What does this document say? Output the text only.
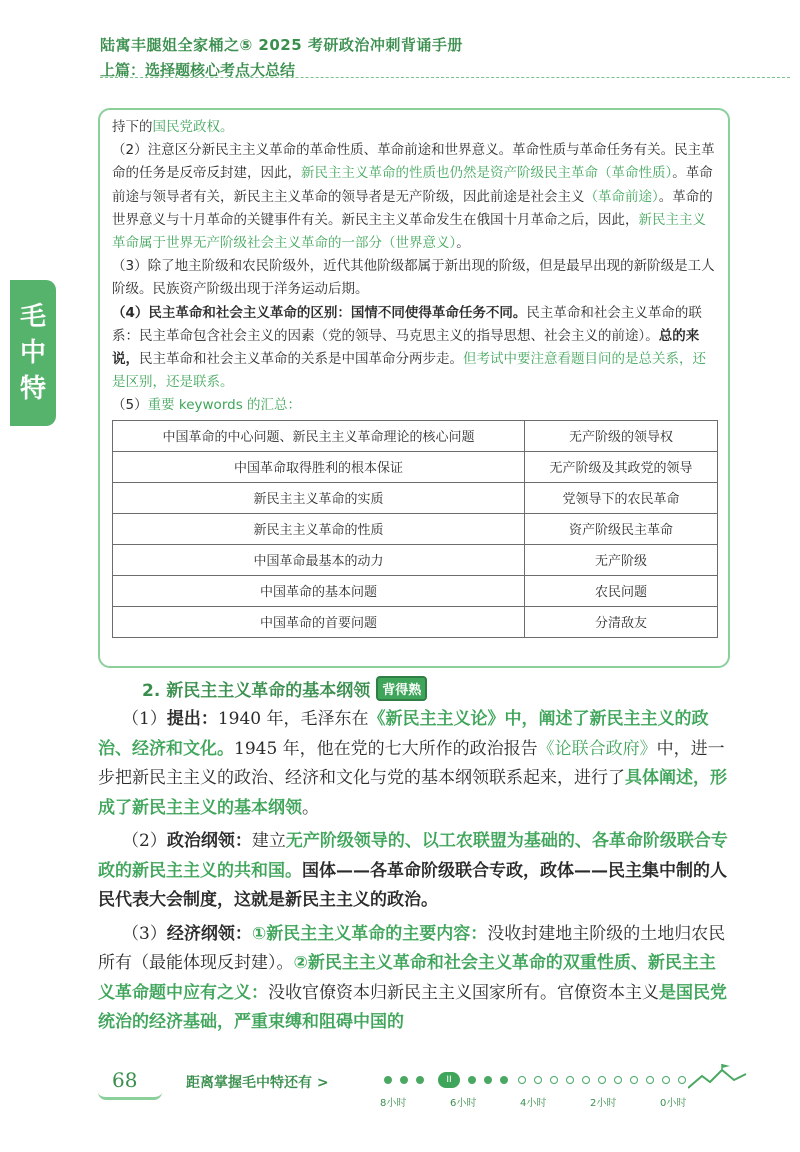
陆寓丰腿姐全家桶之⑤ 2025 考研政治冲刺背诵手册
上篇：选择题核心考点大总结
毛
中
特

持下的国民党政权。

（2）注意区分新民主主义革命的革命性质、革命前途和世界意义。革命性质与革命任务有关。民主革命的任务是反帝反封建，因此，新民主主义革命的性质也仍然是资产阶级民主革命（革命性质）。革命前途与领导者有关，新民主主义革命的领导者是无产阶级，因此前途是社会主义（革命前途）。革命的世界意义与十月革命的关键事件有关。新民主主义革命发生在俄国十月革命之后，因此，新民主主义革命属于世界无产阶级社会主义革命的一部分（世界意义）。

（3）除了地主阶级和农民阶级外，近代其他阶级都属于新出现的阶级，但是最早出现的新阶级是工人阶级。民族资产阶级出现于洋务运动后期。

（4）民主革命和社会主义革命的区别：国情不同使得革命任务不同。民主革命和社会主义革命的联系：民主革命包含社会主义的因素（党的领导、马克思主义的指导思想、社会主义的前途）。总的来说，民主革命和社会主义革命的关系是中国革命分两步走。但考试中要注意看题目问的是总关系，还是区别，还是联系。

（5）重要 keywords 的汇总：

中国革命的中心问题、新民主主义革命理论的核心问题	无产阶级的领导权
中国革命取得胜利的根本保证	无产阶级及其政党的领导
新民主主义革命的实质	党领导下的农民革命
新民主主义革命的性质	资产阶级民主革命
中国革命最基本的动力	无产阶级
中国革命的基本问题	农民问题
中国革命的首要问题	分清敌友
2. 新民主主义革命的基本纲领 背得熟

（1）提出：1940 年，毛泽东在《新民主主义论》中，阐述了新民主主义的政治、经济和文化。1945 年，他在党的七大所作的政治报告《论联合政府》中，进一步把新民主主义的政治、经济和文化与党的基本纲领联系起来，进行了具体阐述，形成了新民主主义的基本纲领。

（2）政治纲领：建立无产阶级领导的、以工农联盟为基础的、各革命阶级联合专政的新民主主义的共和国。国体——各革命阶级联合专政，政体——民主集中制的人民代表大会制度，这就是新民主主义的政治。

（3）经济纲领：①新民主主义革命的主要内容：没收封建地主阶级的土地归农民所有（最能体现反封建）。②新民主主义革命和社会主义革命的双重性质、新民主主义革命题中应有之义：没收官僚资本归新民主主义国家所有。官僚资本主义是国民党统治的经济基础，严重束缚和阻碍中国的

68	距离掌握毛中特还有 >	II
8小时	6小时	4小时	2小时	0小时
